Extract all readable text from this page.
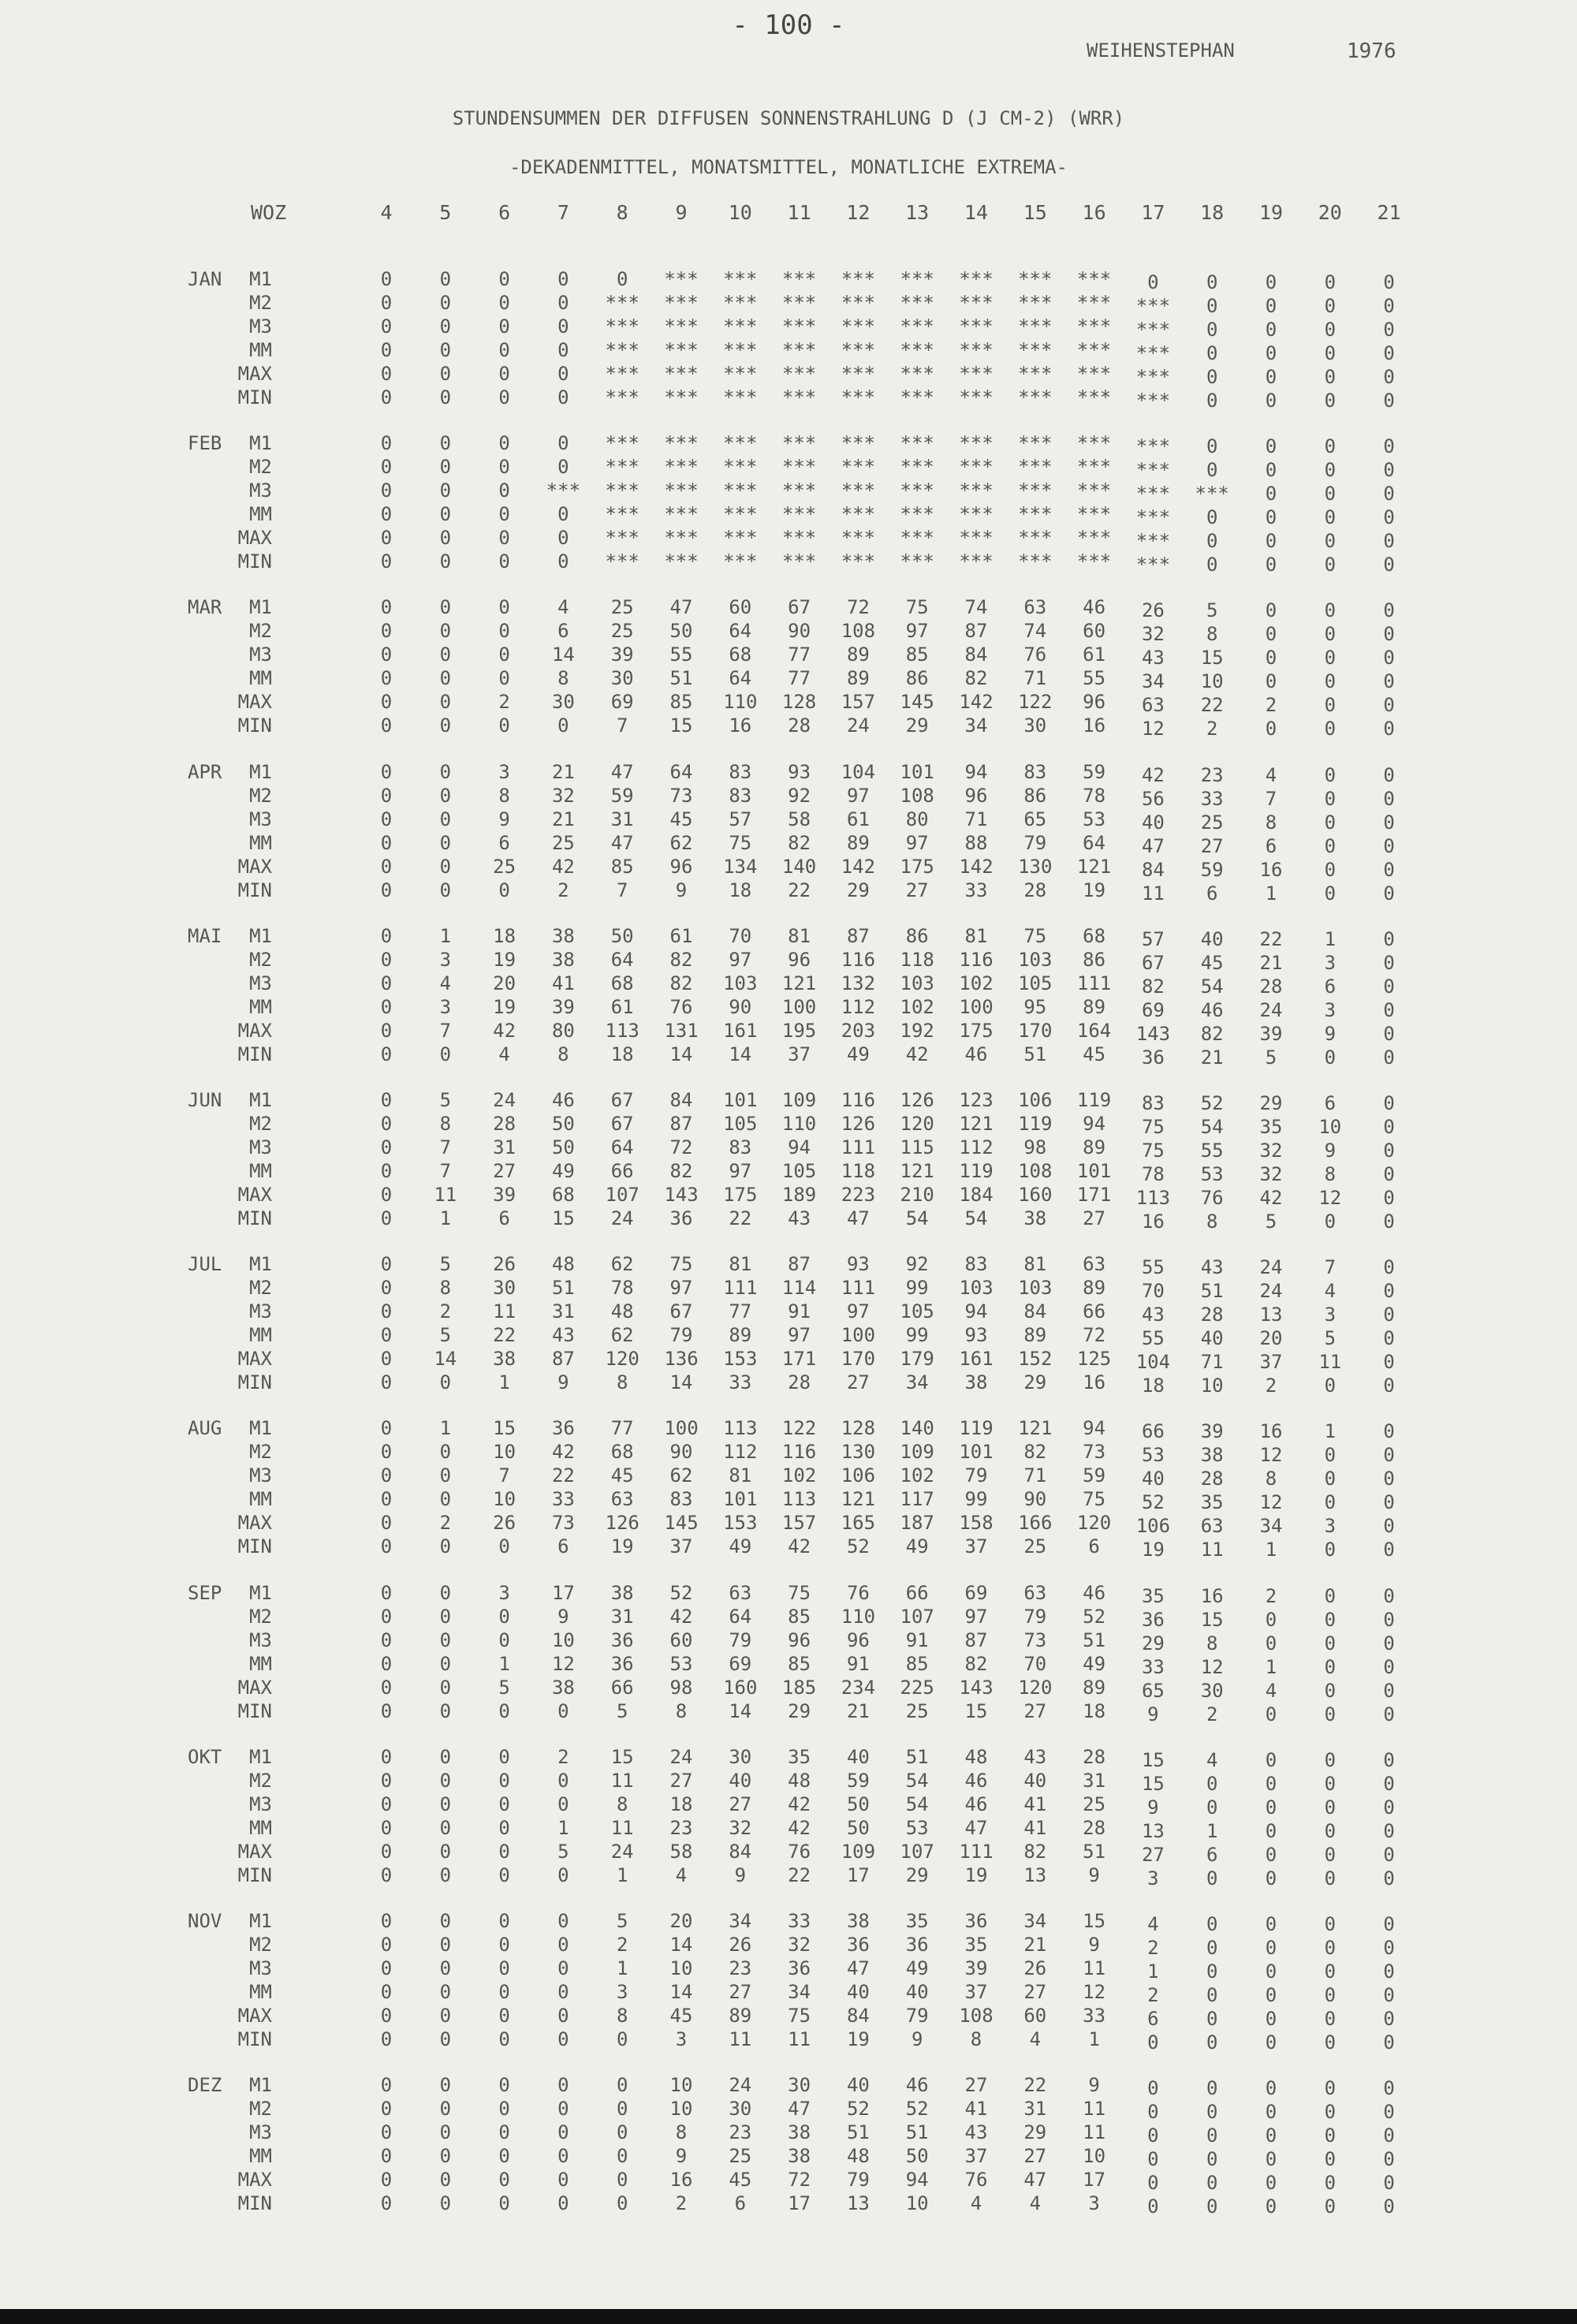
- 100 -
WEIHENSTEPHAN	1976
STUNDENSUMMEN DER DIFFUSEN SONNENSTRAHLUNG D (J CM-2) (WRR)
-DEKADENMITTEL, MONATSMITTEL, MONATLICHE EXTREMA-
WOZ	4	5	6	7	8	9	10	11	12	13	14	15	16	17	18	19	20	21
JAN	M1	0	0	0	0	0	***	***	***	***	***	***	***	***	0	0	0	0	0
M2	0	0	0	0	***	***	***	***	***	***	***	***	***	***	0	0	0	0
M3	0	0	0	0	***	***	***	***	***	***	***	***	***	***	0	0	0	0
MM	0	0	0	0	***	***	***	***	***	***	***	***	***	***	0	0	0	0
MAX	0	0	0	0	***	***	***	***	***	***	***	***	***	***	0	0	0	0
MIN	0	0	0	0	***	***	***	***	***	***	***	***	***	***	0	0	0	0
FEB	M1	0	0	0	0	***	***	***	***	***	***	***	***	***	***	0	0	0	0
M2	0	0	0	0	***	***	***	***	***	***	***	***	***	***	0	0	0	0
M3	0	0	0	***	***	***	***	***	***	***	***	***	***	***	***	0	0	0
MM	0	0	0	0	***	***	***	***	***	***	***	***	***	***	0	0	0	0
MAX	0	0	0	0	***	***	***	***	***	***	***	***	***	***	0	0	0	0
MIN	0	0	0	0	***	***	***	***	***	***	***	***	***	***	0	0	0	0
MAR	M1	0	0	0	4	25	47	60	67	72	75	74	63	46	26	5	0	0	0
M2	0	0	0	6	25	50	64	90	108	97	87	74	60	32	8	0	0	0
M3	0	0	0	14	39	55	68	77	89	85	84	76	61	43	15	0	0	0
MM	0	0	0	8	30	51	64	77	89	86	82	71	55	34	10	0	0	0
MAX	0	0	2	30	69	85	110	128	157	145	142	122	96	63	22	2	0	0
MIN	0	0	0	0	7	15	16	28	24	29	34	30	16	12	2	0	0	0
APR	M1	0	0	3	21	47	64	83	93	104	101	94	83	59	42	23	4	0	0
M2	0	0	8	32	59	73	83	92	97	108	96	86	78	56	33	7	0	0
M3	0	0	9	21	31	45	57	58	61	80	71	65	53	40	25	8	0	0
MM	0	0	6	25	47	62	75	82	89	97	88	79	64	47	27	6	0	0
MAX	0	0	25	42	85	96	134	140	142	175	142	130	121	84	59	16	0	0
MIN	0	0	0	2	7	9	18	22	29	27	33	28	19	11	6	1	0	0
MAI	M1	0	1	18	38	50	61	70	81	87	86	81	75	68	57	40	22	1	0
M2	0	3	19	38	64	82	97	96	116	118	116	103	86	67	45	21	3	0
M3	0	4	20	41	68	82	103	121	132	103	102	105	111	82	54	28	6	0
MM	0	3	19	39	61	76	90	100	112	102	100	95	89	69	46	24	3	0
MAX	0	7	42	80	113	131	161	195	203	192	175	170	164	143	82	39	9	0
MIN	0	0	4	8	18	14	14	37	49	42	46	51	45	36	21	5	0	0
JUN	M1	0	5	24	46	67	84	101	109	116	126	123	106	119	83	52	29	6	0
M2	0	8	28	50	67	87	105	110	126	120	121	119	94	75	54	35	10	0
M3	0	7	31	50	64	72	83	94	111	115	112	98	89	75	55	32	9	0
MM	0	7	27	49	66	82	97	105	118	121	119	108	101	78	53	32	8	0
MAX	0	11	39	68	107	143	175	189	223	210	184	160	171	113	76	42	12	0
MIN	0	1	6	15	24	36	22	43	47	54	54	38	27	16	8	5	0	0
JUL	M1	0	5	26	48	62	75	81	87	93	92	83	81	63	55	43	24	7	0
M2	0	8	30	51	78	97	111	114	111	99	103	103	89	70	51	24	4	0
M3	0	2	11	31	48	67	77	91	97	105	94	84	66	43	28	13	3	0
MM	0	5	22	43	62	79	89	97	100	99	93	89	72	55	40	20	5	0
MAX	0	14	38	87	120	136	153	171	170	179	161	152	125	104	71	37	11	0
MIN	0	0	1	9	8	14	33	28	27	34	38	29	16	18	10	2	0	0
AUG	M1	0	1	15	36	77	100	113	122	128	140	119	121	94	66	39	16	1	0
M2	0	0	10	42	68	90	112	116	130	109	101	82	73	53	38	12	0	0
M3	0	0	7	22	45	62	81	102	106	102	79	71	59	40	28	8	0	0
MM	0	0	10	33	63	83	101	113	121	117	99	90	75	52	35	12	0	0
MAX	0	2	26	73	126	145	153	157	165	187	158	166	120	106	63	34	3	0
MIN	0	0	0	6	19	37	49	42	52	49	37	25	6	19	11	1	0	0
SEP	M1	0	0	3	17	38	52	63	75	76	66	69	63	46	35	16	2	0	0
M2	0	0	0	9	31	42	64	85	110	107	97	79	52	36	15	0	0	0
M3	0	0	0	10	36	60	79	96	96	91	87	73	51	29	8	0	0	0
MM	0	0	1	12	36	53	69	85	91	85	82	70	49	33	12	1	0	0
MAX	0	0	5	38	66	98	160	185	234	225	143	120	89	65	30	4	0	0
MIN	0	0	0	0	5	8	14	29	21	25	15	27	18	9	2	0	0	0
OKT	M1	0	0	0	2	15	24	30	35	40	51	48	43	28	15	4	0	0	0
M2	0	0	0	0	11	27	40	48	59	54	46	40	31	15	0	0	0	0
M3	0	0	0	0	8	18	27	42	50	54	46	41	25	9	0	0	0	0
MM	0	0	0	1	11	23	32	42	50	53	47	41	28	13	1	0	0	0
MAX	0	0	0	5	24	58	84	76	109	107	111	82	51	27	6	0	0	0
MIN	0	0	0	0	1	4	9	22	17	29	19	13	9	3	0	0	0	0
NOV	M1	0	0	0	0	5	20	34	33	38	35	36	34	15	4	0	0	0	0
M2	0	0	0	0	2	14	26	32	36	36	35	21	9	2	0	0	0	0
M3	0	0	0	0	1	10	23	36	47	49	39	26	11	1	0	0	0	0
MM	0	0	0	0	3	14	27	34	40	40	37	27	12	2	0	0	0	0
MAX	0	0	0	0	8	45	89	75	84	79	108	60	33	6	0	0	0	0
MIN	0	0	0	0	0	3	11	11	19	9	8	4	1	0	0	0	0	0
DEZ	M1	0	0	0	0	0	10	24	30	40	46	27	22	9	0	0	0	0	0
M2	0	0	0	0	0	10	30	47	52	52	41	31	11	0	0	0	0	0
M3	0	0	0	0	0	8	23	38	51	51	43	29	11	0	0	0	0	0
MM	0	0	0	0	0	9	25	38	48	50	37	27	10	0	0	0	0	0
MAX	0	0	0	0	0	16	45	72	79	94	76	47	17	0	0	0	0	0
MIN	0	0	0	0	0	2	6	17	13	10	4	4	3	0	0	0	0	0
